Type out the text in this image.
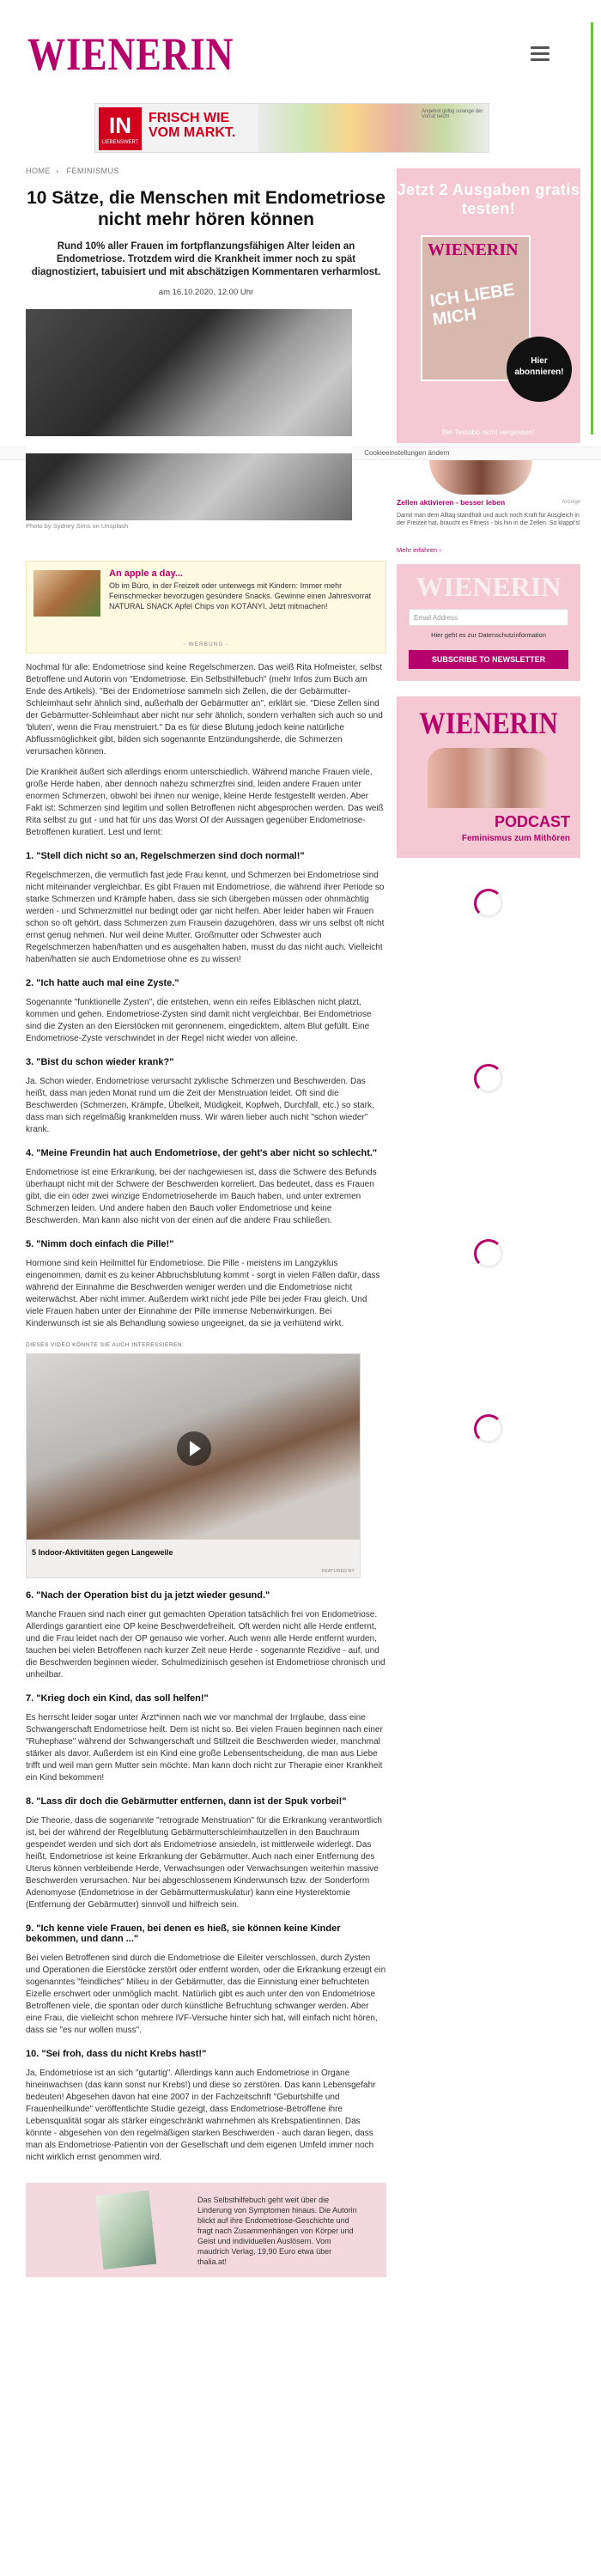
WIENERIN
IN
LIEBENSWERT
FRISCH WIE
VOM MARKT.
Angebot gültig solange der Vorrat reicht
Cookieeinstellungen ändern
HOME › FEMINISMUS
10 Sätze, die Menschen mit Endometriose nicht mehr hören können

Rund 10% aller Frauen im fortpflanzungsfähigen Alter leiden an Endometriose. Trotzdem wird die Krankheit immer noch zu spät diagnostiziert, tabuisiert und mit abschätzigen Kommentaren verharmlost.

am 16.10.2020, 12.00 Uhr

Photo by Sydney Sims on Unsplash
An apple a day...
Ob im Büro, in der Freizeit oder unterwegs mit Kindern: Immer mehr Feinschmecker bevorzugen gesündere Snacks. Gewinne einen Jahresvorrat NATURAL SNACK Apfel Chips von KOTÁNYI. Jetzt mitmachen!
- WERBUNG -

Nochmal für alle: Endometriose sind keine Regelschmerzen. Das weiß Rita Hofmeister, selbst Betroffene und Autorin von "Endometriose. Ein Selbsthilfebuch" (mehr Infos zum Buch am Ende des Artikels). "Bei der Endometriose sammeln sich Zellen, die der Gebärmutter-Schleimhaut sehr ähnlich sind, außerhalb der Gebärmutter an", erklärt sie. "Diese Zellen sind der Gebärmutter-Schleimhaut aber nicht nur sehr ähnlich, sondern verhalten sich auch so und 'bluten', wenn die Frau menstruiert." Da es für diese Blutung jedoch keine natürliche Abflussmöglichkeit gibt, bilden sich sogenannte Entzündungsherde, die Schmerzen verursachen können.

Die Krankheit äußert sich allerdings enorm unterschiedlich. Während manche Frauen viele, große Herde haben, aber dennoch nahezu schmerzfrei sind, leiden andere Frauen unter enormen Schmerzen, obwohl bei ihnen nur wenige, kleine Herde festgestellt werden. Aber Fakt ist: Schmerzen sind legitim und sollen Betroffenen nicht abgesprochen werden. Das weiß Rita selbst zu gut - und hat für uns das Worst Of der Aussagen gegenüber Endometriose-Betroffenen kuratiert. Lest und lernt:

1. "Stell dich nicht so an, Regelschmerzen sind doch normal!"

Regelschmerzen, die vermutlich fast jede Frau kennt, und Schmerzen bei Endometriose sind nicht miteinander vergleichbar. Es gibt Frauen mit Endometriose, die während ihrer Periode so starke Schmerzen und Krämpfe haben, dass sie sich übergeben müssen oder ohnmächtig werden - und Schmerzmittel nur bedingt oder gar nicht helfen. Aber leider haben wir Frauen schon so oft gehört, dass Schmerzen zum Frausein dazugehören, dass wir uns selbst oft nicht ernst genug nehmen. Nur weil deine Mutter, Großmutter oder Schwester auch Regelschmerzen haben/hatten und es ausgehalten haben, musst du das nicht auch. Vielleicht haben/hatten sie auch Endometriose ohne es zu wissen!

2. "Ich hatte auch mal eine Zyste."

Sogenannte "funktionelle Zysten", die entstehen, wenn ein reifes Eibläschen nicht platzt, kommen und gehen. Endometriose-Zysten sind damit nicht vergleichbar. Bei Endometriose sind die Zysten an den Eierstöcken mit geronnenem, eingedicktem, altem Blut gefüllt. Eine Endometriose-Zyste verschwindet in der Regel nicht wieder von alleine.

3. "Bist du schon wieder krank?"

Ja. Schon wieder. Endometriose verursacht zyklische Schmerzen und Beschwerden. Das heißt, dass man jeden Monat rund um die Zeit der Menstruation leidet. Oft sind die Beschwerden (Schmerzen, Krämpfe, Übelkeit, Müdigkeit, Kopfweh, Durchfall, etc.) so stark, dass man sich regelmäßig krankmelden muss. Wir wären lieber auch nicht "schon wieder" krank.

4. "Meine Freundin hat auch Endometriose, der geht's aber nicht so schlecht."

Endometriose ist eine Erkrankung, bei der nachgewiesen ist, dass die Schwere des Befunds überhaupt nicht mit der Schwere der Beschwerden korreliert. Das bedeutet, dass es Frauen gibt, die ein oder zwei winzige Endometrioseherde im Bauch haben, und unter extremen Schmerzen leiden. Und andere haben den Bauch voller Endometriose und keine Beschwerden. Man kann also nicht von der einen auf die andere Frau schließen.

5. "Nimm doch einfach die Pille!"

Hormone sind kein Heilmittel für Endometriose. Die Pille - meistens im Langzyklus eingenommen, damit es zu keiner Abbruchsblutung kommt - sorgt in vielen Fällen dafür, dass während der Einnahme die Beschwerden weniger werden und die Endometriose nicht weiterwächst. Aber nicht immer. Außerdem wirkt nicht jede Pille bei jeder Frau gleich. Und viele Frauen haben unter der Einnahme der Pille immense Nebenwirkungen. Bei Kinderwunsch ist sie als Behandlung sowieso ungeeignet, da sie ja verhütend wirkt.

DIESES VIDEO KÖNNTE SIE AUCH INTERESSIEREN:
5 Indoor-Aktivitäten gegen Langeweile
FEATURED BY
6. "Nach der Operation bist du ja jetzt wieder gesund."

Manche Frauen sind nach einer gut gemachten Operation tatsächlich frei von Endometriose. Allerdings garantiert eine OP keine Beschwerdefreiheit. Oft werden nicht alle Herde entfernt, und die Frau leidet nach der OP genauso wie vorher. Auch wenn alle Herde entfernt wurden, tauchen bei vielen Betroffenen nach kurzer Zeit neue Herde - sogenannte Rezidive - auf, und die Beschwerden beginnen wieder. Schulmedizinisch gesehen ist Endometriose chronisch und unheilbar.

7. "Krieg doch ein Kind, das soll helfen!"

Es herrscht leider sogar unter Ärzt*innen nach wie vor manchmal der Irrglaube, dass eine Schwangerschaft Endometriose heilt. Dem ist nicht so. Bei vielen Frauen beginnen nach einer "Ruhephase" während der Schwangerschaft und Stillzeit die Beschwerden wieder, manchmal stärker als davor. Außerdem ist ein Kind eine große Lebensentscheidung, die man aus Liebe trifft und weil man gern Mutter sein möchte. Man kann doch nicht zur Therapie einer Krankheit ein Kind bekommen!

8. "Lass dir doch die Gebärmutter entfernen, dann ist der Spuk vorbei!"

Die Theorie, dass die sogenannte "retrograde Menstruation" für die Erkrankung verantwortlich ist, bei der während der Regelblutung Gebärmutterschleimhautzellen in den Bauchraum gespendet werden und sich dort als Endometriose ansiedeln, ist mittlerweile widerlegt. Das heißt, Endometriose ist keine Erkrankung der Gebärmutter. Auch nach einer Entfernung des Uterus können verbleibende Herde, Verwachsungen oder Verwachsungen weiterhin massive Beschwerden verursachen. Nur bei abgeschlossenem Kinderwunsch bzw. der Sonderform Adenomyose (Endometriose in der Gebärmuttermuskulatur) kann eine Hysterektomie (Entfernung der Gebärmutter) sinnvoll und hilfreich sein.

9. "Ich kenne viele Frauen, bei denen es hieß, sie können keine Kinder bekommen, und dann ..."

Bei vielen Betroffenen sind durch die Endometriose die Eileiter verschlossen, durch Zysten und Operationen die Eierstöcke zerstört oder entfernt worden, oder die Erkrankung erzeugt ein sogenanntes "feindliches" Milieu in der Gebärmutter, das die Einnistung einer befruchteten Eizelle erschwert oder unmöglich macht. Natürlich gibt es auch unter den von Endometriose Betroffenen viele, die spontan oder durch künstliche Befruchtung schwanger werden. Aber eine Frau, die vielleicht schon mehrere IVF-Versuche hinter sich hat, will einfach nicht hören, dass sie "es nur wollen muss".

10. "Sei froh, dass du nicht Krebs hast!"

Ja, Endometriose ist an sich "gutartig". Allerdings kann auch Endometriose in Organe hineinwachsen (das kann sonst nur Krebs!) und diese so zerstören. Das kann Lebensgefahr bedeuten! Abgesehen davon hat eine 2007 in der Fachzeitschrift "Geburtshilfe und Frauenheilkunde" veröffentlichte Studie gezeigt, dass Endometriose-Betroffene ihre Lebensqualität sogar als stärker eingeschränkt wahrnehmen als Krebspatientinnen. Das könnte - abgesehen von den regelmäßigen starken Beschwerden - auch daran liegen, dass man als Endometriose-Patientin von der Gesellschaft und dem eigenen Umfeld immer noch nicht wirklich ernst genommen wird.

Das Selbsthilfebuch geht weit über die Linderung von Symptomen hinaus. Die Autorin blickt auf ihre Endometriose-Geschichte und fragt nach Zusammenhängen von Körper und Geist und individuellen Auslösern. Vom maudrich Verlag, 19,90 Euro etwa über thalia.at!
Jetzt 2 Ausgaben gratis testen!
WIENERIN
ICH LIEBE MICH
Hier abonnieren!
Bei Testabo nicht vergessen!
Zellen aktivieren - besser leben	Anzeige
Damit man dem Alltag standhält und auch noch Kraft für Ausgleich in der Freizeit hat, braucht es Fitness - bis hin in die Zellen. So klappt's!
Mehr erfahren ›
WIENERIN
Email Address
Hier geht es zur Datenschutzinformation
SUBSCRIBE TO NEWSLETTER
WIENERIN
PODCAST
Feminismus zum Mithören
